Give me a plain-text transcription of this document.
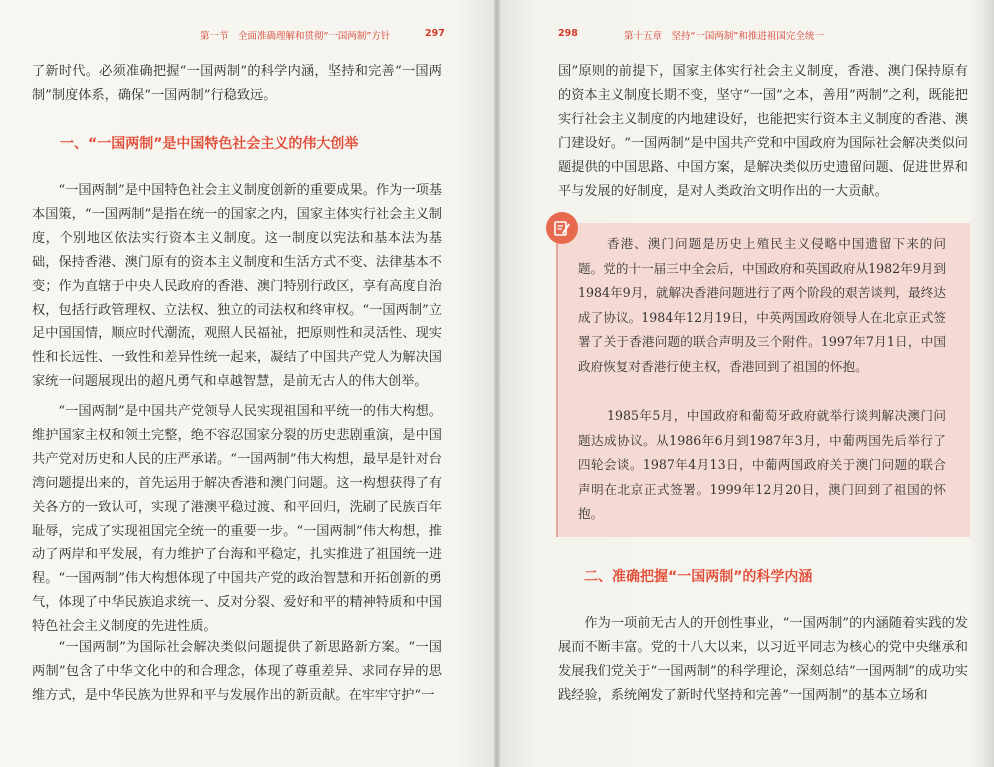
第一节　全面准确理解和贯彻“一国两制”方针	297	298	第十五章　坚持“一国两制”和推进祖国完全统一

了新时代。必须准确把握“一国两制”的科学内涵，坚持和完善“一国两制”制度体系，确保“一国两制”行稳致远。

一、“一国两制”是中国特色社会主义的伟大创举

“一国两制”是中国特色社会主义制度创新的重要成果。作为一项基本国策，“一国两制”是指在统一的国家之内，国家主体实行社会主义制度，个别地区依法实行资本主义制度。这一制度以宪法和基本法为基础，保持香港、澳门原有的资本主义制度和生活方式不变、法律基本不变；作为直辖于中央人民政府的香港、澳门特别行政区，享有高度自治权，包括行政管理权、立法权、独立的司法权和终审权。“一国两制”立足中国国情，顺应时代潮流，观照人民福祉，把原则性和灵活性、现实性和长远性、一致性和差异性统一起来，凝结了中国共产党人为解决国家统一问题展现出的超凡勇气和卓越智慧，是前无古人的伟大创举。

“一国两制”是中国共产党领导人民实现祖国和平统一的伟大构想。维护国家主权和领土完整，绝不容忍国家分裂的历史悲剧重演，是中国共产党对历史和人民的庄严承诺。“一国两制”伟大构想，最早是针对台湾问题提出来的，首先运用于解决香港和澳门问题。这一构想获得了有关各方的一致认可，实现了港澳平稳过渡、和平回归，洗刷了民族百年耻辱，完成了实现祖国完全统一的重要一步。“一国两制”伟大构想，推动了两岸和平发展，有力维护了台海和平稳定，扎实推进了祖国统一进程。“一国两制”伟大构想体现了中国共产党的政治智慧和开拓创新的勇气，体现了中华民族追求统一、反对分裂、爱好和平的精神特质和中国特色社会主义制度的先进性质。

“一国两制”为国际社会解决类似问题提供了新思路新方案。“一国两制”包含了中华文化中的和合理念，体现了尊重差异、求同存异的思维方式，是中华民族为世界和平与发展作出的新贡献。在牢牢守护“一

国”原则的前提下，国家主体实行社会主义制度，香港、澳门保持原有的资本主义制度长期不变，坚守“一国”之本，善用“两制”之利，既能把实行社会主义制度的内地建设好，也能把实行资本主义制度的香港、澳门建设好。“一国两制”是中国共产党和中国政府为国际社会解决类似问题提供的中国思路、中国方案，是解决类似历史遗留问题、促进世界和平与发展的好制度，是对人类政治文明作出的一大贡献。

香港、澳门问题是历史上殖民主义侵略中国遗留下来的问题。党的十一届三中全会后，中国政府和英国政府从1982年9月到1984年9月，就解决香港问题进行了两个阶段的艰苦谈判，最终达成了协议。1984年12月19日，中英两国政府领导人在北京正式签署了关于香港问题的联合声明及三个附件。1997年7月1日，中国政府恢复对香港行使主权，香港回到了祖国的怀抱。

1985年5月，中国政府和葡萄牙政府就举行谈判解决澳门问题达成协议。从1986年6月到1987年3月，中葡两国先后举行了四轮会谈。1987年4月13日，中葡两国政府关于澳门问题的联合声明在北京正式签署。1999年12月20日，澳门回到了祖国的怀抱。

二、准确把握“一国两制”的科学内涵

作为一项前无古人的开创性事业，“一国两制”的内涵随着实践的发展而不断丰富。党的十八大以来，以习近平同志为核心的党中央继承和发展我们党关于“一国两制”的科学理论，深刻总结“一国两制”的成功实践经验，系统阐发了新时代坚持和完善“一国两制”的基本立场和
